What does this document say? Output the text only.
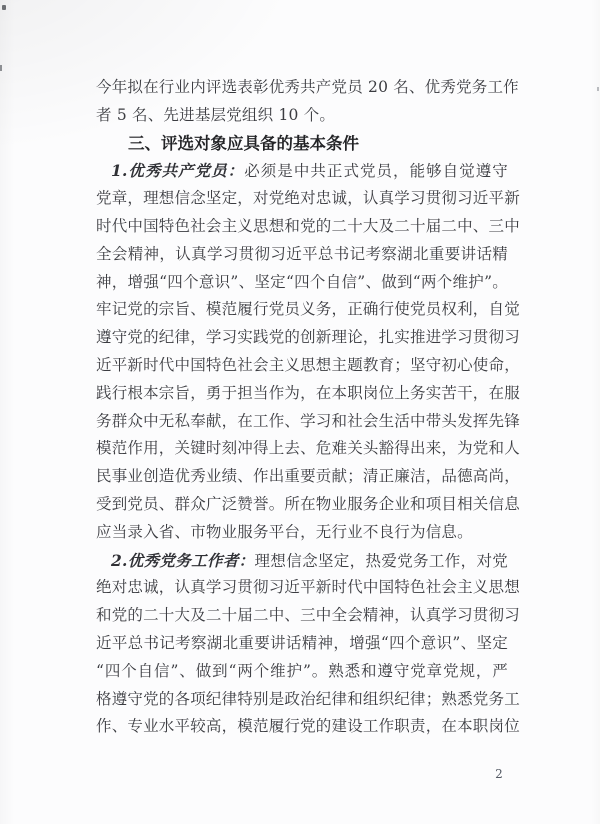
今年拟在行业内评选表彰优秀共产党员 20 名、优秀党务工作
者 5 名、先进基层党组织 10 个。
三、评选对象应具备的基本条件
1.优秀共产党员：必须是中共正式党员，能够自觉遵守
党章，理想信念坚定，对党绝对忠诚，认真学习贯彻习近平新
时代中国特色社会主义思想和党的二十大及二十届二中、三中
全会精神，认真学习贯彻习近平总书记考察湖北重要讲话精
神，增强“四个意识”、坚定“四个自信”、做到“两个维护”。
牢记党的宗旨、模范履行党员义务，正确行使党员权利，自觉
遵守党的纪律，学习实践党的创新理论，扎实推进学习贯彻习
近平新时代中国特色社会主义思想主题教育；坚守初心使命，
践行根本宗旨，勇于担当作为，在本职岗位上务实苦干，在服
务群众中无私奉献，在工作、学习和社会生活中带头发挥先锋
模范作用，关键时刻冲得上去、危难关头豁得出来，为党和人
民事业创造优秀业绩、作出重要贡献；清正廉洁，品德高尚，
受到党员、群众广泛赞誉。所在物业服务企业和项目相关信息
应当录入省、市物业服务平台，无行业不良行为信息。
2.优秀党务工作者：理想信念坚定，热爱党务工作，对党
绝对忠诚，认真学习贯彻习近平新时代中国特色社会主义思想
和党的二十大及二十届二中、三中全会精神，认真学习贯彻习
近平总书记考察湖北重要讲话精神，增强“四个意识”、坚定
“四个自信”、做到“两个维护”。熟悉和遵守党章党规，严
格遵守党的各项纪律特别是政治纪律和组织纪律；熟悉党务工
作、专业水平较高，模范履行党的建设工作职责，在本职岗位
2
